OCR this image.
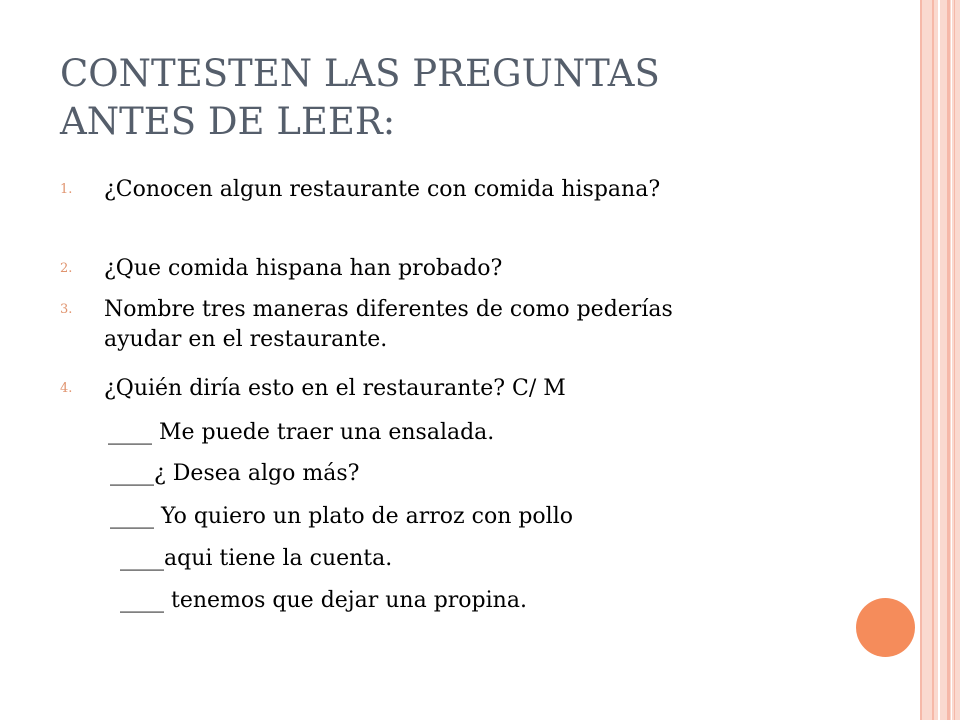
CONTESTEN LAS PREGUNTAS
ANTES DE LEER:
1.	¿Conocen algun restaurante con comida hispana?
2.	¿Que comida hispana han probado?
3.	Nombre tres maneras diferentes de como pederías ayudar en el restaurante.
4.	¿Quién diría esto en el restaurante? C/ M
____ Me puede traer una ensalada.
____¿ Desea algo más?
____ Yo quiero un plato de arroz con pollo
____aqui tiene la cuenta.
____ tenemos que dejar una propina.
